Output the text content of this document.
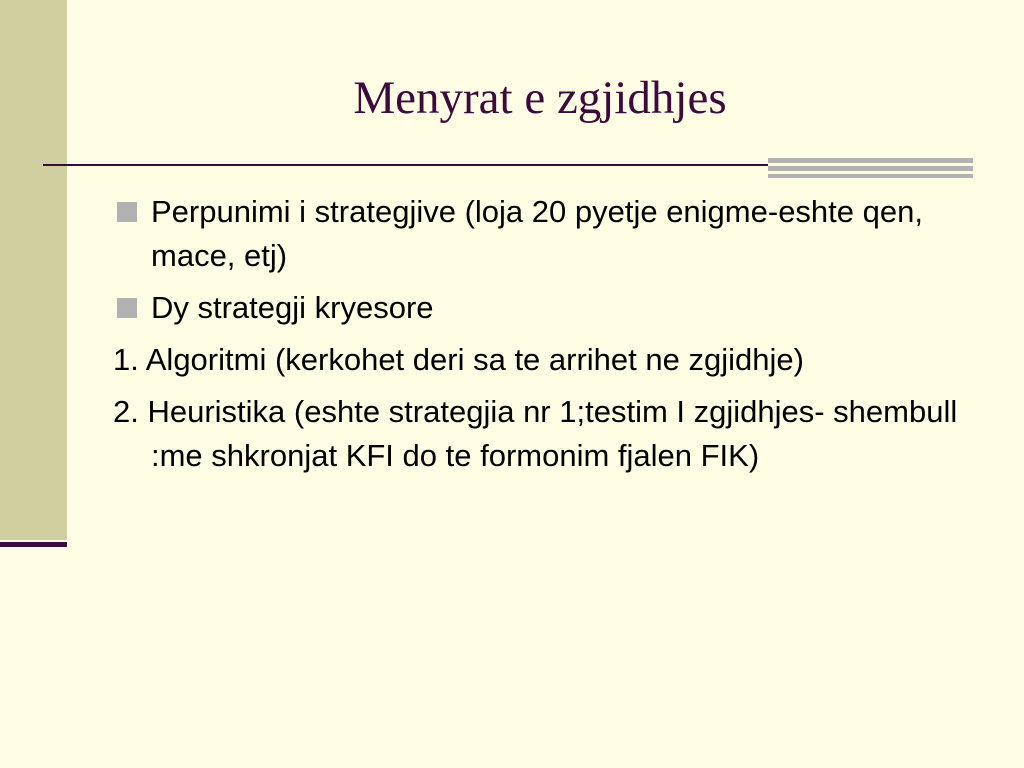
Menyrat e zgjidhjes
Perpunimi i strategjive (loja 20 pyetje enigme-eshte qen, mace, etj)
Dy strategji kryesore
1. Algoritmi (kerkohet deri sa te arrihet ne zgjidhje)
2. Heuristika (eshte strategjia nr 1;testim I zgjidhjes- shembull :me shkronjat KFI do te formonim fjalen FIK)
